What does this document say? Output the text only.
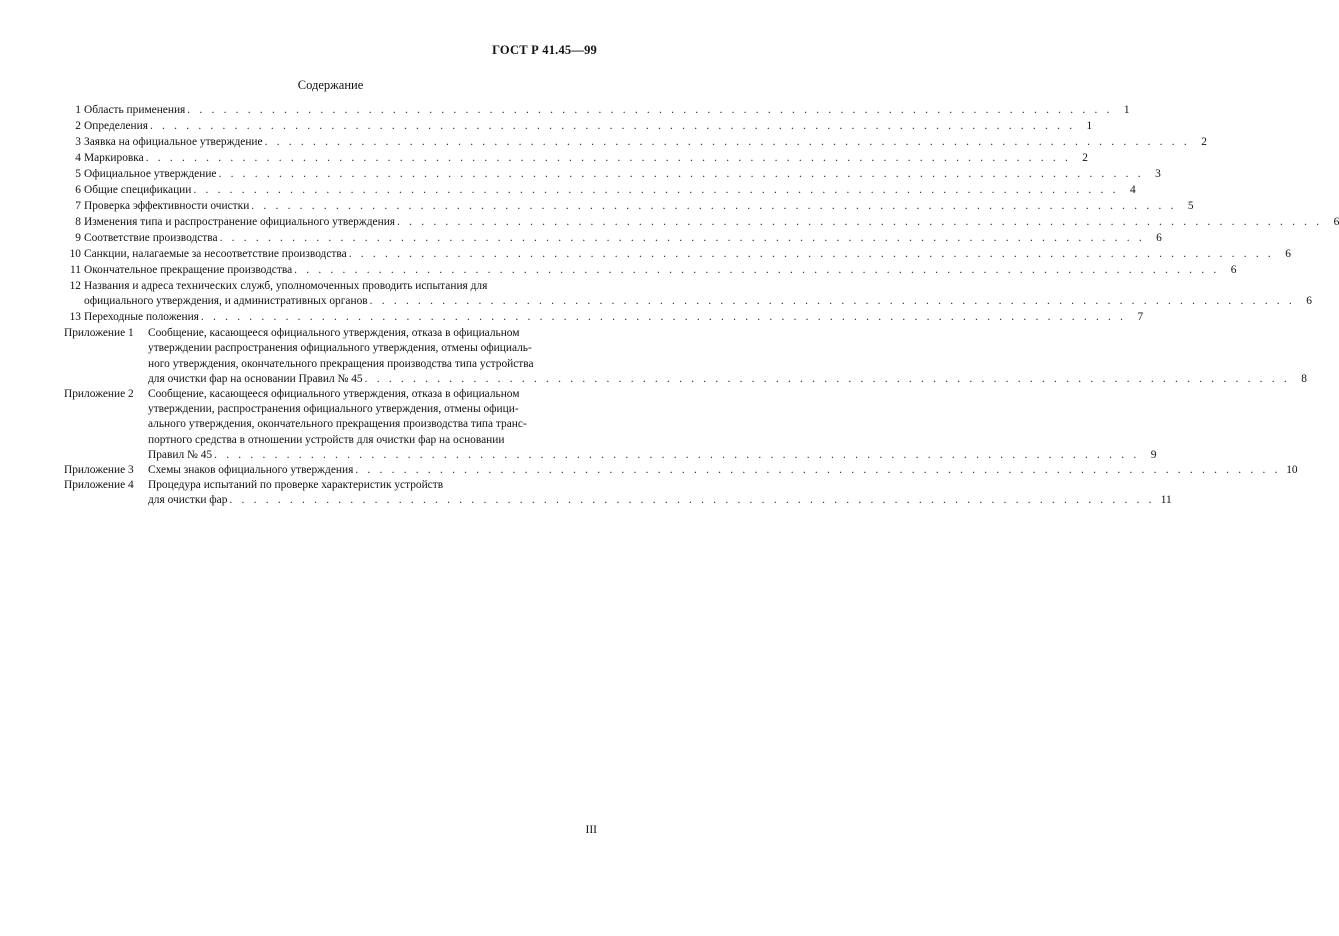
ГОСТ Р 41.45—99
Содержание
1 Область применения . . . . . . . . . . . . . . . . . . . . . . . . . . . . . . . . . . . . . . . . . . . . . . . . . . . . . . . . . . . . . . . . . . . . . . . . . . . . . 1
2 Определения . . . . . . . . . . . . . . . . . . . . . . . . . . . . . . . . . . . . . . . . . . . . . . . . . . . . . . . . . . . . . . . . . . . . . . . . . . . . . 1
3 Заявка на официальное утверждение . . . . . . . . . . . . . . . . . . . . . . . . . . . . . . . . . . . . . . . . . . . . . . . . . . . . . . . . . . . . . . . . . . . . . . . . . . . . . 2
4 Маркировка . . . . . . . . . . . . . . . . . . . . . . . . . . . . . . . . . . . . . . . . . . . . . . . . . . . . . . . . . . . . . . . . . . . . . . . . . . . . . 2
5 Официальное утверждение . . . . . . . . . . . . . . . . . . . . . . . . . . . . . . . . . . . . . . . . . . . . . . . . . . . . . . . . . . . . . . . . . . . . . . . . . . . . . 3
6 Общие спецификации . . . . . . . . . . . . . . . . . . . . . . . . . . . . . . . . . . . . . . . . . . . . . . . . . . . . . . . . . . . . . . . . . . . . . . . . . . . . . 4
7 Проверка эффективности очистки . . . . . . . . . . . . . . . . . . . . . . . . . . . . . . . . . . . . . . . . . . . . . . . . . . . . . . . . . . . . . . . . . . . . . . . . . . . . . 5
8 Изменения типа и распространение официального утверждения . . . . . . . . . . . . . . . . . . . . . . . . . . . . . . . . . . . . . . . . . . . . . . . . . . . . . . . . . . . . . . . . . . . . . . . . . . . . . 6
9 Соответствие производства . . . . . . . . . . . . . . . . . . . . . . . . . . . . . . . . . . . . . . . . . . . . . . . . . . . . . . . . . . . . . . . . . . . . . . . . . . . . . 6
10 Санкции, налагаемые за несоответствие производства . . . . . . . . . . . . . . . . . . . . . . . . . . . . . . . . . . . . . . . . . . . . . . . . . . . . . . . . . . . . . . . . . . . . . . . . . . . . . 6
11 Окончательное прекращение производства . . . . . . . . . . . . . . . . . . . . . . . . . . . . . . . . . . . . . . . . . . . . . . . . . . . . . . . . . . . . . . . . . . . . . . . . . . . . . 6
12 Названия и адреса технических служб, уполномоченных проводить испытания для
официального утверждения, и административных органов . . . . . . . . . . . . . . . . . . . . . . . . . . . . . . . . . . . . . . . . . . . . . . . . . . . . . . . . . . . . . . . . . . . . . . . . . . . . . 6
13 Переходные положения . . . . . . . . . . . . . . . . . . . . . . . . . . . . . . . . . . . . . . . . . . . . . . . . . . . . . . . . . . . . . . . . . . . . . . . . . . . . . 7
Приложение 1	Сообщение, касающееся официального утверждения, отказа в официальном
утверждении распространения официального утверждения, отмены официаль-
ного утверждения, окончательного прекращения производства типа устройства
для очистки фар на основании Правил № 45 . . . . . . . . . . . . . . . . . . . . . . . . . . . . . . . . . . . . . . . . . . . . . . . . . . . . . . . . . . . . . . . . . . . . . . . . . . . . . 8
Приложение 2	Сообщение, касающееся официального утверждения, отказа в официальном
утверждении, распространения официального утверждения, отмены офици-
ального утверждения, окончательного прекращения производства типа транс-
портного средства в отношении устройств для очистки фар на основании
Правил № 45 . . . . . . . . . . . . . . . . . . . . . . . . . . . . . . . . . . . . . . . . . . . . . . . . . . . . . . . . . . . . . . . . . . . . . . . . . . . . . 9
Приложение 3	Схемы знаков официального утверждения . . . . . . . . . . . . . . . . . . . . . . . . . . . . . . . . . . . . . . . . . . . . . . . . . . . . . . . . . . . . . . . . . . . . . . . . . . . . . 10
Приложение 4	Процедура испытаний по проверке характеристик устройств
для очистки фар . . . . . . . . . . . . . . . . . . . . . . . . . . . . . . . . . . . . . . . . . . . . . . . . . . . . . . . . . . . . . . . . . . . . . . . . . . . . . 11
III
